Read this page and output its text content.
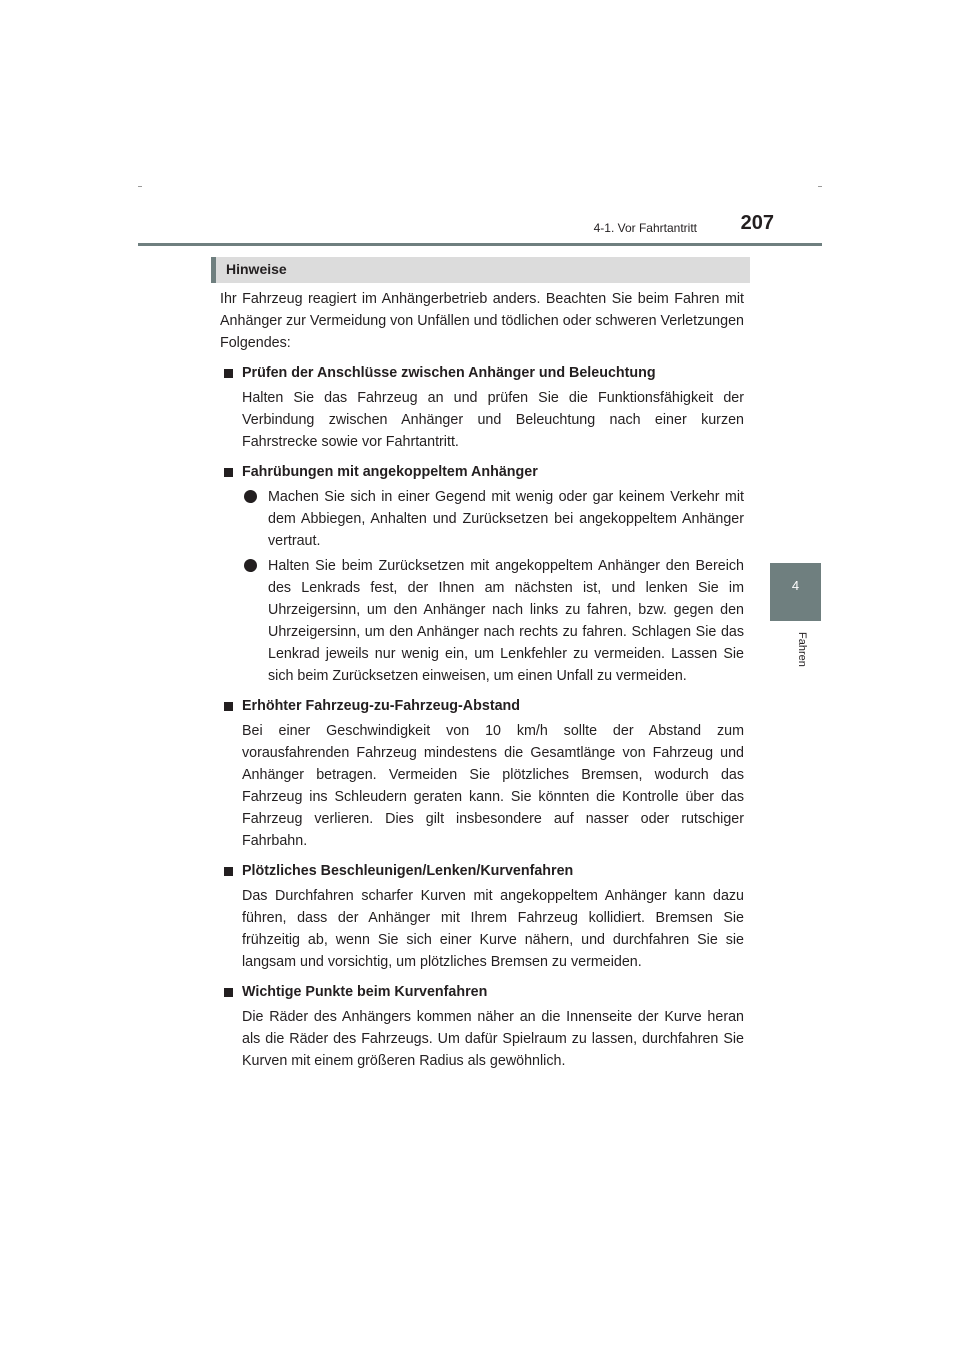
4-1. Vor Fahrtantritt	207
4
Fahren
Hinweise

Ihr Fahrzeug reagiert im Anhängerbetrieb anders. Beachten Sie beim Fahren mit Anhänger zur Vermeidung von Unfällen und tödlichen oder schweren Verletzungen Folgendes:

Prüfen der Anschlüsse zwischen Anhänger und Beleuchtung

Halten Sie das Fahrzeug an und prüfen Sie die Funktionsfähigkeit der Verbindung zwischen Anhänger und Beleuchtung nach einer kurzen Fahrstrecke sowie vor Fahrtantritt.

Fahrübungen mit angekoppeltem Anhänger
Machen Sie sich in einer Gegend mit wenig oder gar keinem Verkehr mit dem Abbiegen, Anhalten und Zurücksetzen bei angekoppeltem Anhänger vertraut.
Halten Sie beim Zurücksetzen mit angekoppeltem Anhänger den Bereich des Lenkrads fest, der Ihnen am nächsten ist, und lenken Sie im Uhrzeigersinn, um den Anhänger nach links zu fahren, bzw. gegen den Uhrzeigersinn, um den Anhänger nach rechts zu fahren. Schlagen Sie das Lenkrad jeweils nur wenig ein, um Lenkfehler zu vermeiden. Lassen Sie sich beim Zurücksetzen einweisen, um einen Unfall zu vermeiden.
Erhöhter Fahrzeug-zu-Fahrzeug-Abstand

Bei einer Geschwindigkeit von 10 km/h sollte der Abstand zum vorausfahrenden Fahrzeug mindestens die Gesamtlänge von Fahrzeug und Anhänger betragen. Vermeiden Sie plötzliches Bremsen, wodurch das Fahrzeug ins Schleudern geraten kann. Sie könnten die Kontrolle über das Fahrzeug verlieren. Dies gilt insbesondere auf nasser oder rutschiger Fahrbahn.

Plötzliches Beschleunigen/Lenken/Kurvenfahren

Das Durchfahren scharfer Kurven mit angekoppeltem Anhänger kann dazu führen, dass der Anhänger mit Ihrem Fahrzeug kollidiert. Bremsen Sie frühzeitig ab, wenn Sie sich einer Kurve nähern, und durchfahren Sie sie langsam und vorsichtig, um plötzliches Bremsen zu vermeiden.

Wichtige Punkte beim Kurvenfahren

Die Räder des Anhängers kommen näher an die Innenseite der Kurve heran als die Räder des Fahrzeugs. Um dafür Spielraum zu lassen, durchfahren Sie Kurven mit einem größeren Radius als gewöhnlich.
